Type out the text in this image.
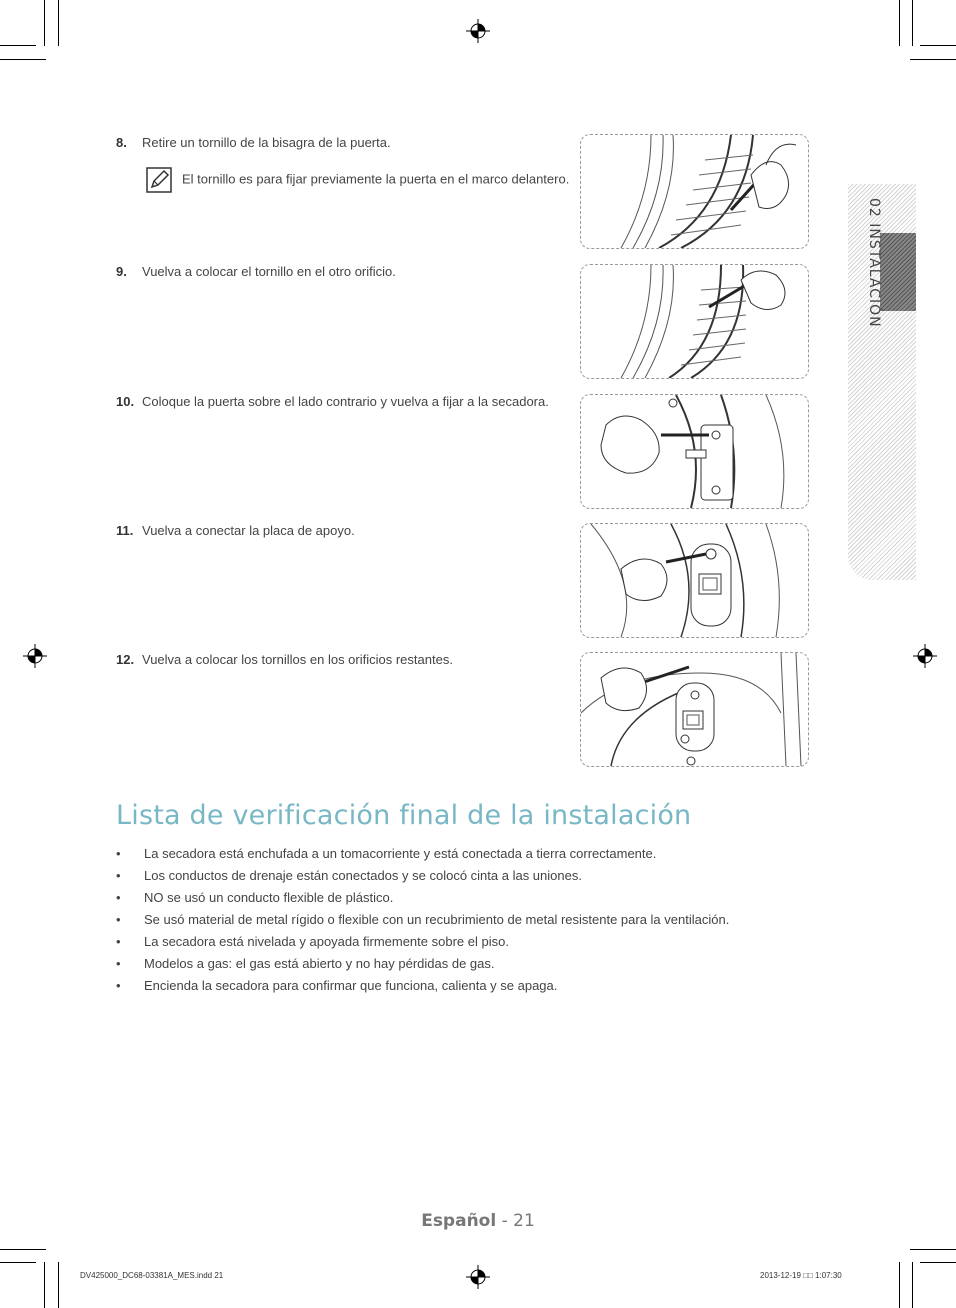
8. Retire un tornillo de la bisagra de la puerta.
El tornillo es para fijar previamente la puerta en el marco delantero.
9. Vuelva a colocar el tornillo en el otro orificio.
10. Coloque la puerta sobre el lado contrario y vuelva a fijar a la secadora.
11. Vuelva a conectar la placa de apoyo.
12. Vuelva a colocar los tornillos en los orificios restantes.
Lista de verificación final de la instalación
• La secadora está enchufada a un tomacorriente y está conectada a tierra correctamente.
• Los conductos de drenaje están conectados y se colocó cinta a las uniones.
• NO se usó un conducto flexible de plástico.
• Se usó material de metal rígido o flexible con un recubrimiento de metal resistente para la ventilación.
• La secadora está nivelada y apoyada firmemente sobre el piso.
• Modelos a gas: el gas está abierto y no hay pérdidas de gas.
• Encienda la secadora para confirmar que funciona, calienta y se apaga.
02 INSTALACIÓN
Español - 21
DV425000_DC68-03381A_MES.indd 21	2013-12-19 □□ 1:07:30
